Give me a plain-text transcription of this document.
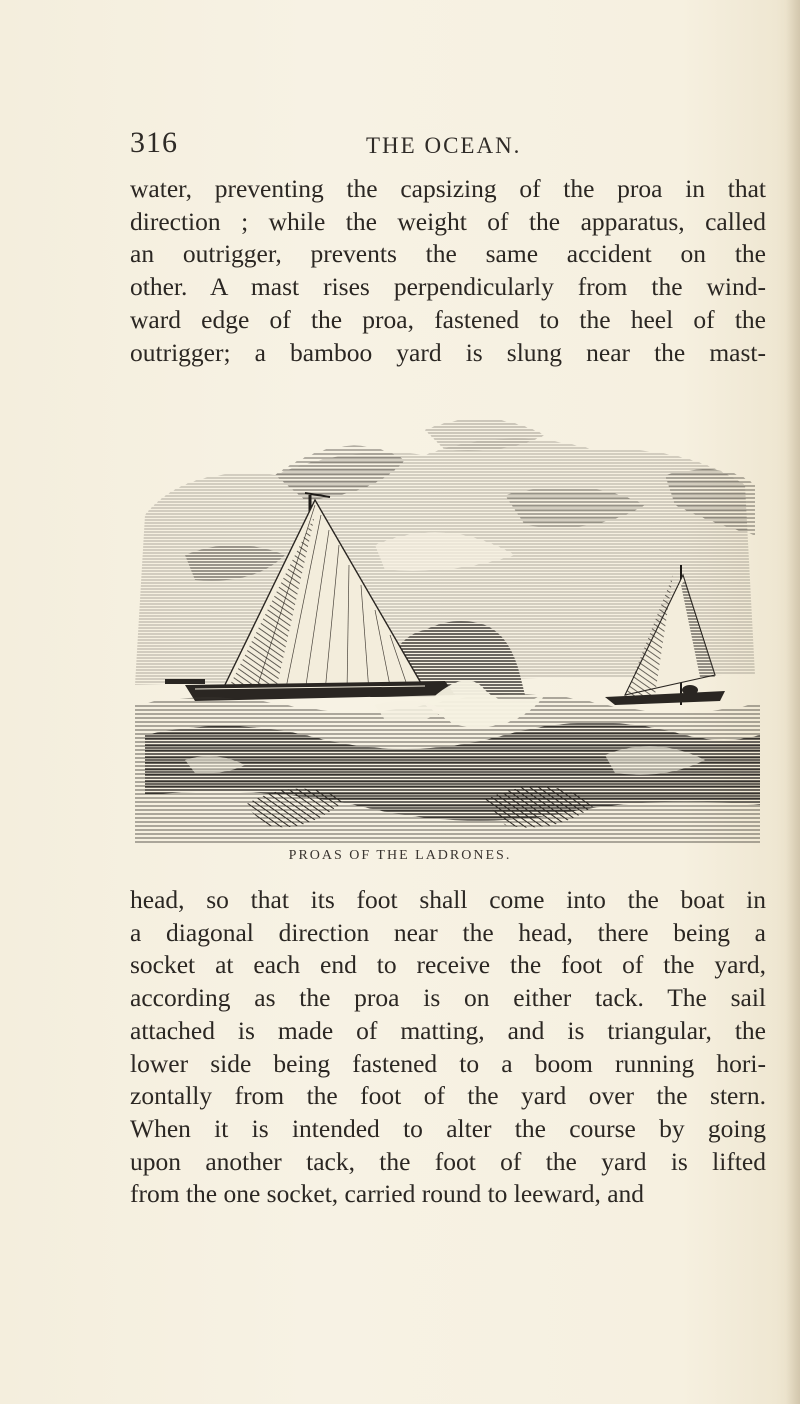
316	THE OCEAN.
water, preventing the capsizing of the proa in that
direction ; while the weight of the apparatus, called
an outrigger, prevents the same accident on the
other. A mast rises perpendicularly from the wind-
ward edge of the proa, fastened to the heel of the
outrigger; a bamboo yard is slung near the mast-
PROAS OF THE LADRONES.
head, so that its foot shall come into the boat in
a diagonal direction near the head, there being a
socket at each end to receive the foot of the yard,
according as the proa is on either tack. The sail
attached is made of matting, and is triangular, the
lower side being fastened to a boom running hori-
zontally from the foot of the yard over the stern.
When it is intended to alter the course by going
upon another tack, the foot of the yard is lifted
from the one socket, carried round to leeward, and
